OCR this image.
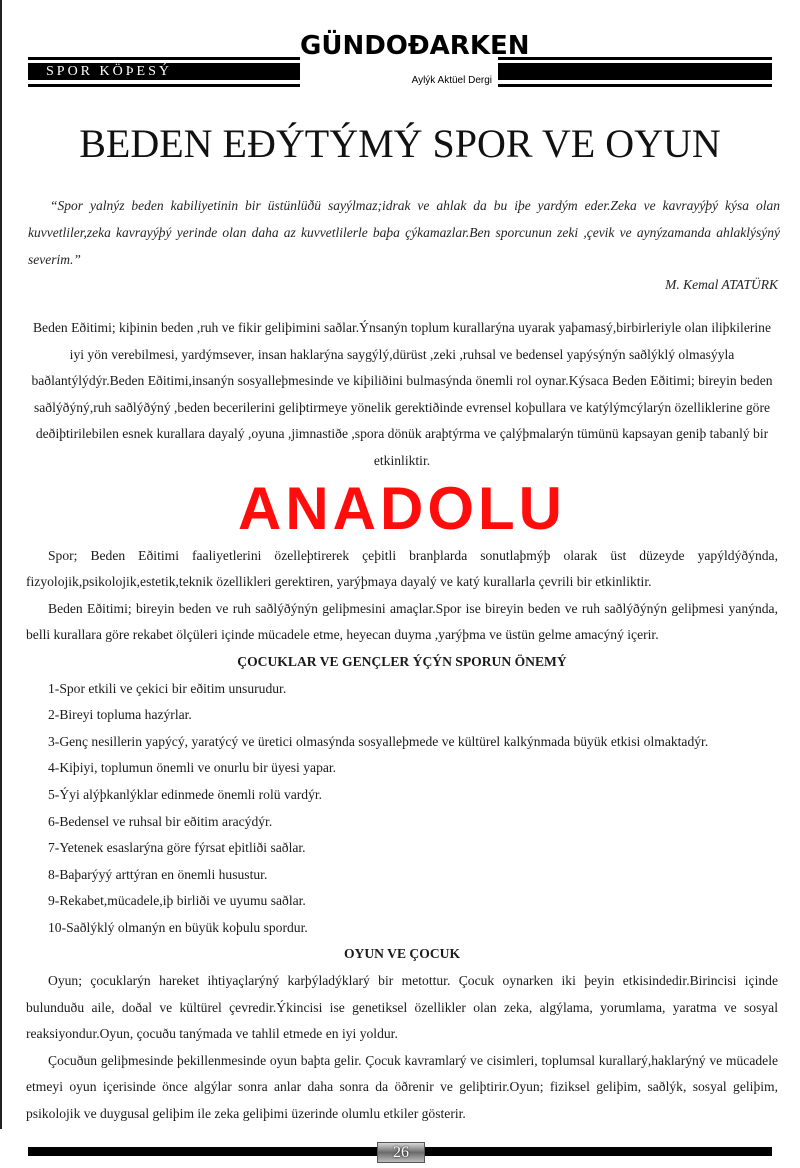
SPOR KÖÞESÝ
GÜNDOÐARKEN
Aylýk Aktüel Dergi
BEDEN EÐÝTÝMÝ SPOR VE OYUN

“Spor yalnýz beden kabiliyetinin bir üstünlüðü sayýlmaz;idrak ve ahlak da bu iþe yardým eder.Zeka ve kavrayýþý kýsa olan kuvvetliler,zeka kavrayýþý yerinde olan daha az kuvvetlilerle baþa çýkamazlar.Ben sporcunun zeki ,çevik ve aynýzamanda ahlaklýsýný severim.”

M. Kemal ATATÜRK

Beden Eðitimi; kiþinin beden ,ruh ve fikir geliþimini saðlar.Ýnsanýn toplum kurallarýna uyarak yaþamasý,birbirleriyle olan iliþkilerine iyi yön verebilmesi, yardýmsever, insan haklarýna saygýlý,dürüst ,zeki ,ruhsal ve bedensel yapýsýnýn saðlýklý olmasýyla baðlantýlýdýr.Beden Eðitimi,insanýn sosyalleþmesinde ve kiþiliðini bulmasýnda önemli rol oynar.Kýsaca Beden Eðitimi; bireyin beden saðlýðýný,ruh saðlýðýný ,beden becerilerini geliþtirmeye yönelik gerektiðinde evrensel koþullara ve katýlýmcýlarýn özelliklerine göre deðiþtirilebilen esnek kurallara dayalý ,oyuna ,jimnastiðe ,spora dönük araþtýrma ve çalýþmalarýn tümünü kapsayan geniþ tabanlý bir etkinliktir.

ANADOLU

Spor; Beden Eðitimi faaliyetlerini özelleþtirerek çeþitli branþlarda sonutlaþmýþ olarak üst düzeyde yapýldýðýnda, fizyolojik,psikolojik,estetik,teknik özellikleri gerektiren, yarýþmaya dayalý ve katý kurallarla çevrili bir etkinliktir.

Beden Eðitimi; bireyin beden ve ruh saðlýðýnýn geliþmesini amaçlar.Spor ise bireyin beden ve ruh saðlýðýnýn geliþmesi yanýnda, belli kurallara göre rekabet ölçüleri içinde mücadele etme, heyecan duyma ,yarýþma ve üstün gelme amacýný içerir.

ÇOCUKLAR VE GENÇLER ÝÇÝN SPORUN ÖNEMÝ

1-Spor etkili ve çekici bir eðitim unsurudur.
2-Bireyi topluma hazýrlar.
3-Genç nesillerin yapýcý, yaratýcý ve üretici olmasýnda sosyalleþmede ve kültürel kalkýnmada büyük etkisi olmaktadýr.
4-Kiþiyi, toplumun önemli ve onurlu bir üyesi yapar.
5-Ýyi alýþkanlýklar edinmede önemli rolü vardýr.
6-Bedensel ve ruhsal bir eðitim aracýdýr.
7-Yetenek esaslarýna göre fýrsat eþitliði saðlar.
8-Baþarýyý arttýran en önemli husustur.
9-Rekabet,mücadele,iþ birliði ve uyumu saðlar.
10-Saðlýklý olmanýn en büyük koþulu spordur.

OYUN VE ÇOCUK

Oyun; çocuklarýn hareket ihtiyaçlarýný karþýladýklarý bir metottur. Çocuk oynarken iki þeyin etkisindedir.Birincisi içinde bulunduðu aile, doðal ve kültürel çevredir.Ýkincisi ise genetiksel özellikler olan zeka, algýlama, yorumlama, yaratma ve sosyal reaksiyondur.Oyun, çocuðu tanýmada ve tahlil etmede en iyi yoldur.

Çocuðun geliþmesinde þekillenmesinde oyun baþta gelir. Çocuk kavramlarý ve cisimleri, toplumsal kurallarý,haklarýný ve mücadele etmeyi oyun içerisinde önce algýlar sonra anlar daha sonra da öðrenir ve geliþtirir.Oyun; fiziksel geliþim, saðlýk, sosyal geliþim, psikolojik ve duygusal geliþim ile zeka geliþimi üzerinde olumlu etkiler gösterir.

26
